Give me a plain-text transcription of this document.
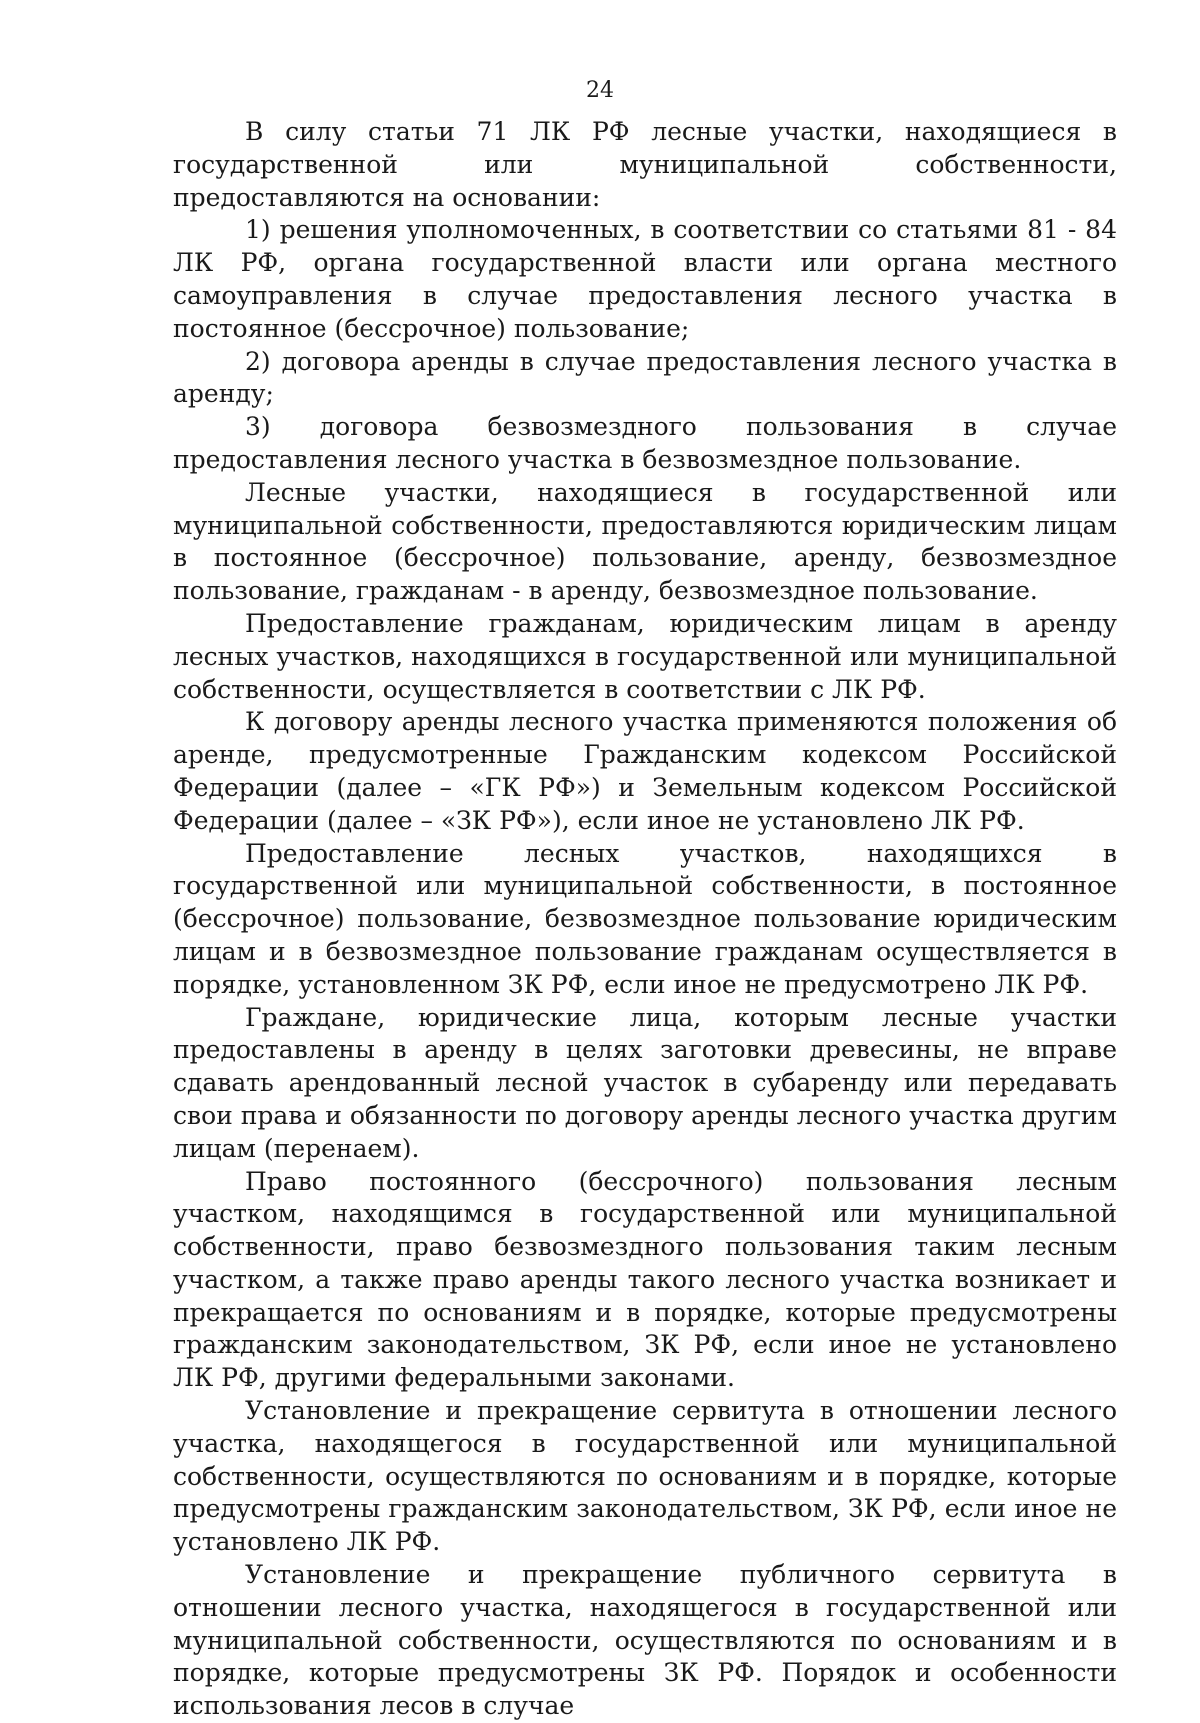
24

В силу статьи 71 ЛК РФ лесные участки, находящиеся в государственной или муниципальной собственности, предоставляются на основании:

1) решения уполномоченных, в соответствии со статьями 81 - 84 ЛК РФ, органа государственной власти или органа местного самоуправления в случае предоставления лесного участка в постоянное (бессрочное) пользование;

2) договора аренды в случае предоставления лесного участка в аренду;

3) договора безвозмездного пользования в случае предоставления лесного участка в безвозмездное пользование.

Лесные участки, находящиеся в государственной или муниципальной собственности, предоставляются юридическим лицам в постоянное (бессрочное) пользование, аренду, безвозмездное пользование, гражданам - в аренду, безвозмездное пользование.

Предоставление гражданам, юридическим лицам в аренду лесных участков, находящихся в государственной или муниципальной собственности, осуществляется в соответствии с ЛК РФ.

К договору аренды лесного участка применяются положения об аренде, предусмотренные Гражданским кодексом Российской Федерации (далее – «ГК РФ») и Земельным кодексом Российской Федерации (далее – «ЗК РФ»), если иное не установлено ЛК РФ.

Предоставление лесных участков, находящихся в государственной или муниципальной собственности, в постоянное (бессрочное) пользование, безвозмездное пользование юридическим лицам и в безвозмездное пользование гражданам осуществляется в порядке, установленном ЗК РФ, если иное не предусмотрено ЛК РФ.

Граждане, юридические лица, которым лесные участки предоставлены в аренду в целях заготовки древесины, не вправе сдавать арендованный лесной участок в субаренду или передавать свои права и обязанности по договору аренды лесного участка другим лицам (перенаем).

Право постоянного (бессрочного) пользования лесным участком, находящимся в государственной или муниципальной собственности, право безвозмездного пользования таким лесным участком, а также право аренды такого лесного участка возникает и прекращается по основаниям и в порядке, которые предусмотрены гражданским законодательством, ЗК РФ, если иное не установлено ЛК РФ, другими федеральными законами.

Установление и прекращение сервитута в отношении лесного участка, находящегося в государственной или муниципальной собственности, осуществляются по основаниям и в порядке, которые предусмотрены гражданским законодательством, ЗК РФ, если иное не установлено ЛК РФ.

Установление и прекращение публичного сервитута в отношении лесного участка, находящегося в государственной или муниципальной собственности, осуществляются по основаниям и в порядке, которые предусмотрены ЗК РФ. Порядок и особенности использования лесов в случае
